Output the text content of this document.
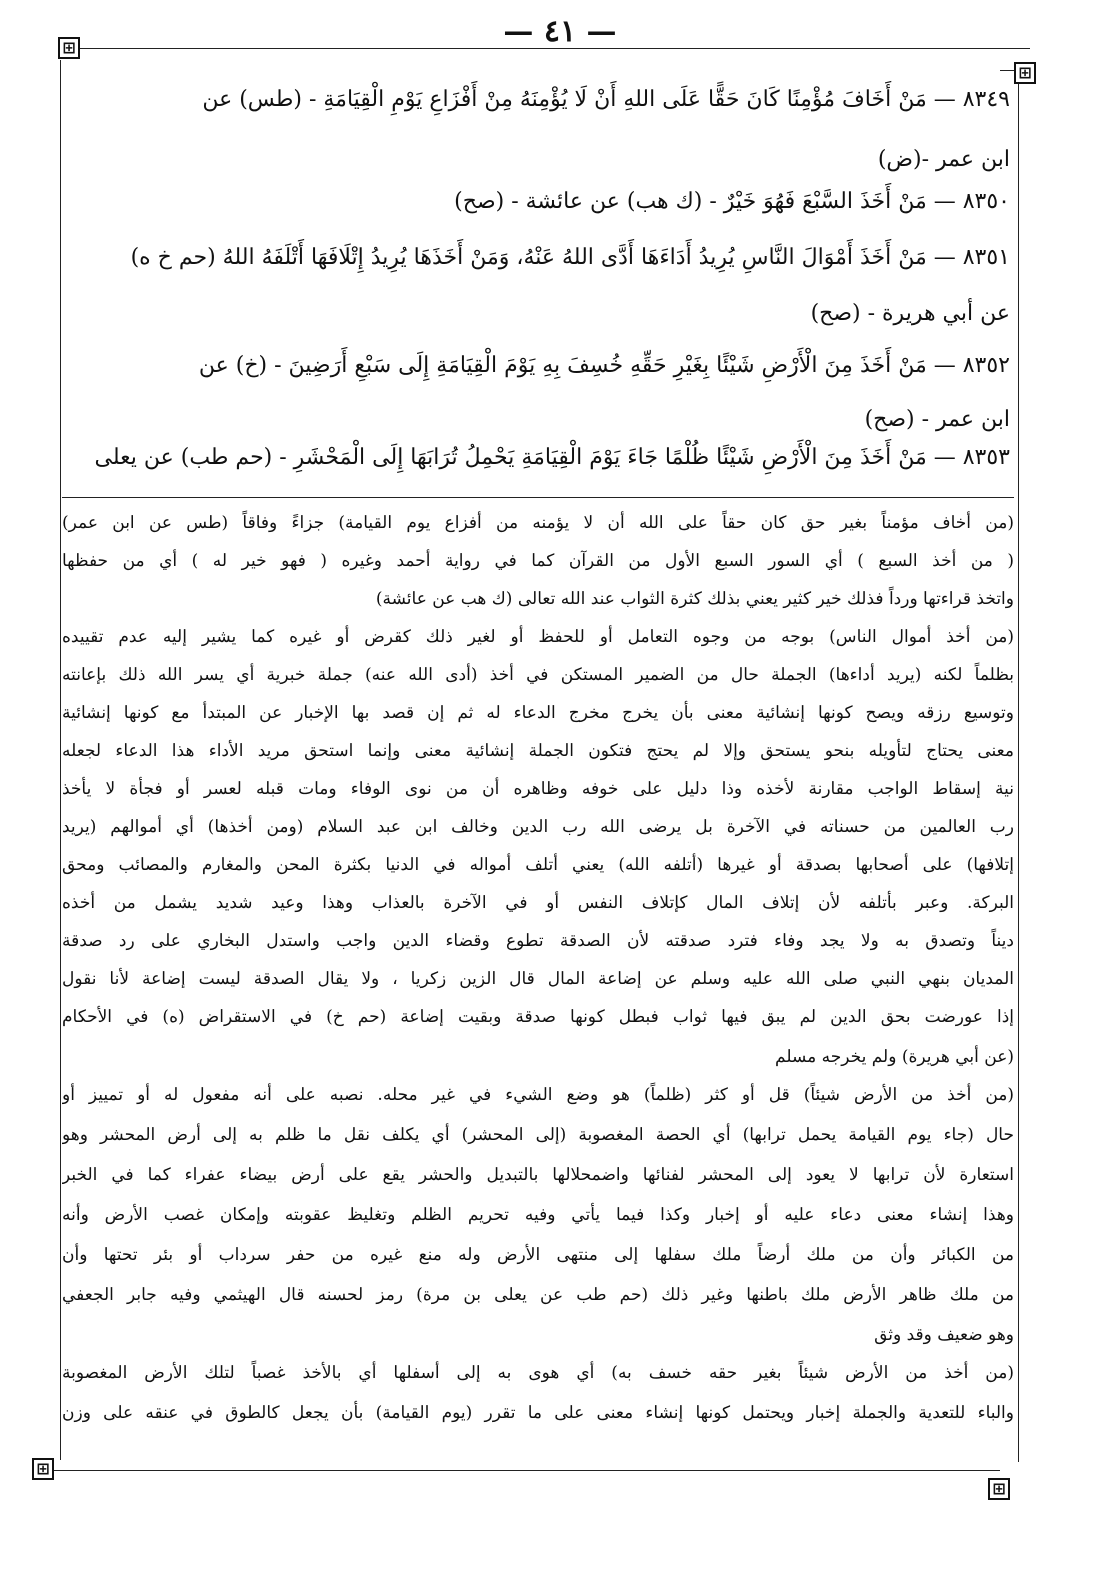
— ٤١ —
⊞
⊞
⊞
⊞
٨٣٤٩ — مَنْ أَخَافَ مُؤْمِنًا كَانَ حَقًّا عَلَى اللهِ أَنْ لَا يُؤْمِنَهُ مِنْ أَفْزَاعِ يَوْمِ الْقِيَامَةِ - (طس) عن
ابن عمر -(ض)
٨٣٥٠ — مَنْ أَخَذَ السَّبْعَ فَهُوَ خَيْرٌ - (ك هب) عن عائشة - (صح)
٨٣٥١ — مَنْ أَخَذَ أَمْوَالَ النَّاسِ يُرِيدُ أَدَاءَهَا أَدَّى اللهُ عَنْهُ، وَمَنْ أَخَذَهَا يُرِيدُ إِتْلَافَهَا أَتْلَفَهُ اللهُ (حم خ ه)
عن أبي هريرة - (صح)
٨٣٥٢ — مَنْ أَخَذَ مِنَ الْأَرْضِ شَيْئًا بِغَيْرِ حَقِّهِ خُسِفَ بِهِ يَوْمَ الْقِيَامَةِ إِلَى سَبْعِ أَرَضِينَ - (خ) عن
ابن عمر - (صح)
٨٣٥٣ — مَنْ أَخَذَ مِنَ الْأَرْضِ شَيْئًا ظُلْمًا جَاءَ يَوْمَ الْقِيَامَةِ يَحْمِلُ تُرَابَهَا إِلَى الْمَحْشَرِ - (حم طب) عن يعلى
(من أخاف مؤمناً بغير حق كان حقاً على الله أن لا يؤمنه من أفزاع يوم القيامة) جزاءً وفاقاً (طس عن ابن عمر)
( من أخذ السبع ) أي السور السبع الأول من القرآن كما في رواية أحمد وغيره ( فهو خير له ) أي من حفظها
واتخذ قراءتها ورداً فذلك خير كثير يعني بذلك كثرة الثواب عند الله تعالى (ك هب عن عائشة)
(من أخذ أموال الناس) بوجه من وجوه التعامل أو للحفظ أو لغير ذلك كقرض أو غيره كما يشير إليه عدم تقييده
بظلماً لكنه (يريد أداءها) الجملة حال من الضمير المستكن في أخذ (أدى الله عنه) جملة خبرية أي يسر الله ذلك بإعانته
وتوسيع رزقه ويصح كونها إنشائية معنى بأن يخرج مخرج الدعاء له ثم إن قصد بها الإخبار عن المبتدأ مع كونها إنشائية
معنى يحتاج لتأويله بنحو يستحق وإلا لم يحتج فتكون الجملة إنشائية معنى وإنما استحق مريد الأداء هذا الدعاء لجعله
نية إسقاط الواجب مقارنة لأخذه وذا دليل على خوفه وظاهره أن من نوى الوفاء ومات قبله لعسر أو فجأة لا يأخذ
رب العالمين من حسناته في الآخرة بل يرضى الله رب الدين وخالف ابن عبد السلام (ومن أخذها) أي أموالهم (يريد
إتلافها) على أصحابها بصدقة أو غيرها (أتلفه الله) يعني أتلف أمواله في الدنيا بكثرة المحن والمغارم والمصائب ومحق
البركة. وعبر بأتلفه لأن إتلاف المال كإتلاف النفس أو في الآخرة بالعذاب وهذا وعيد شديد يشمل من أخذه
ديناً وتصدق به ولا يجد وفاء فترد صدقته لأن الصدقة تطوع وقضاء الدين واجب واستدل البخاري على رد صدقة
المديان بنهي النبي صلى الله عليه وسلم عن إضاعة المال قال الزين زكريا ، ولا يقال الصدقة ليست إضاعة لأنا نقول
إذا عورضت بحق الدين لم يبق فيها ثواب فبطل كونها صدقة وبقيت إضاعة (حم خ) في الاستقراض (ه) في الأحكام
(عن أبي هريرة) ولم يخرجه مسلم
(من أخذ من الأرض شيئاً) قل أو كثر (ظلماً) هو وضع الشيء في غير محله. نصبه على أنه مفعول له أو تمييز أو
حال (جاء يوم القيامة يحمل ترابها) أي الحصة المغصوبة (إلى المحشر) أي يكلف نقل ما ظلم به إلى أرض المحشر وهو
استعارة لأن ترابها لا يعود إلى المحشر لفنائها واضمحلالها بالتبديل والحشر يقع على أرض بيضاء عفراء كما في الخبر
وهذا إنشاء معنى دعاء عليه أو إخبار وكذا فيما يأتي وفيه تحريم الظلم وتغليظ عقوبته وإمكان غصب الأرض وأنه
من الكبائر وأن من ملك أرضاً ملك سفلها إلى منتهى الأرض وله منع غيره من حفر سرداب أو بئر تحتها وأن
من ملك ظاهر الأرض ملك باطنها وغير ذلك (حم طب عن يعلى بن مرة) رمز لحسنه قال الهيثمي وفيه جابر الجعفي
وهو ضعيف وقد وثق
(من أخذ من الأرض شيئاً بغير حقه خسف به) أي هوى به إلى أسفلها أي بالأخذ غصباً لتلك الأرض المغصوبة
والباء للتعدية والجملة إخبار ويحتمل كونها إنشاء معنى على ما تقرر (يوم القيامة) بأن يجعل كالطوق في عنقه على وزن
